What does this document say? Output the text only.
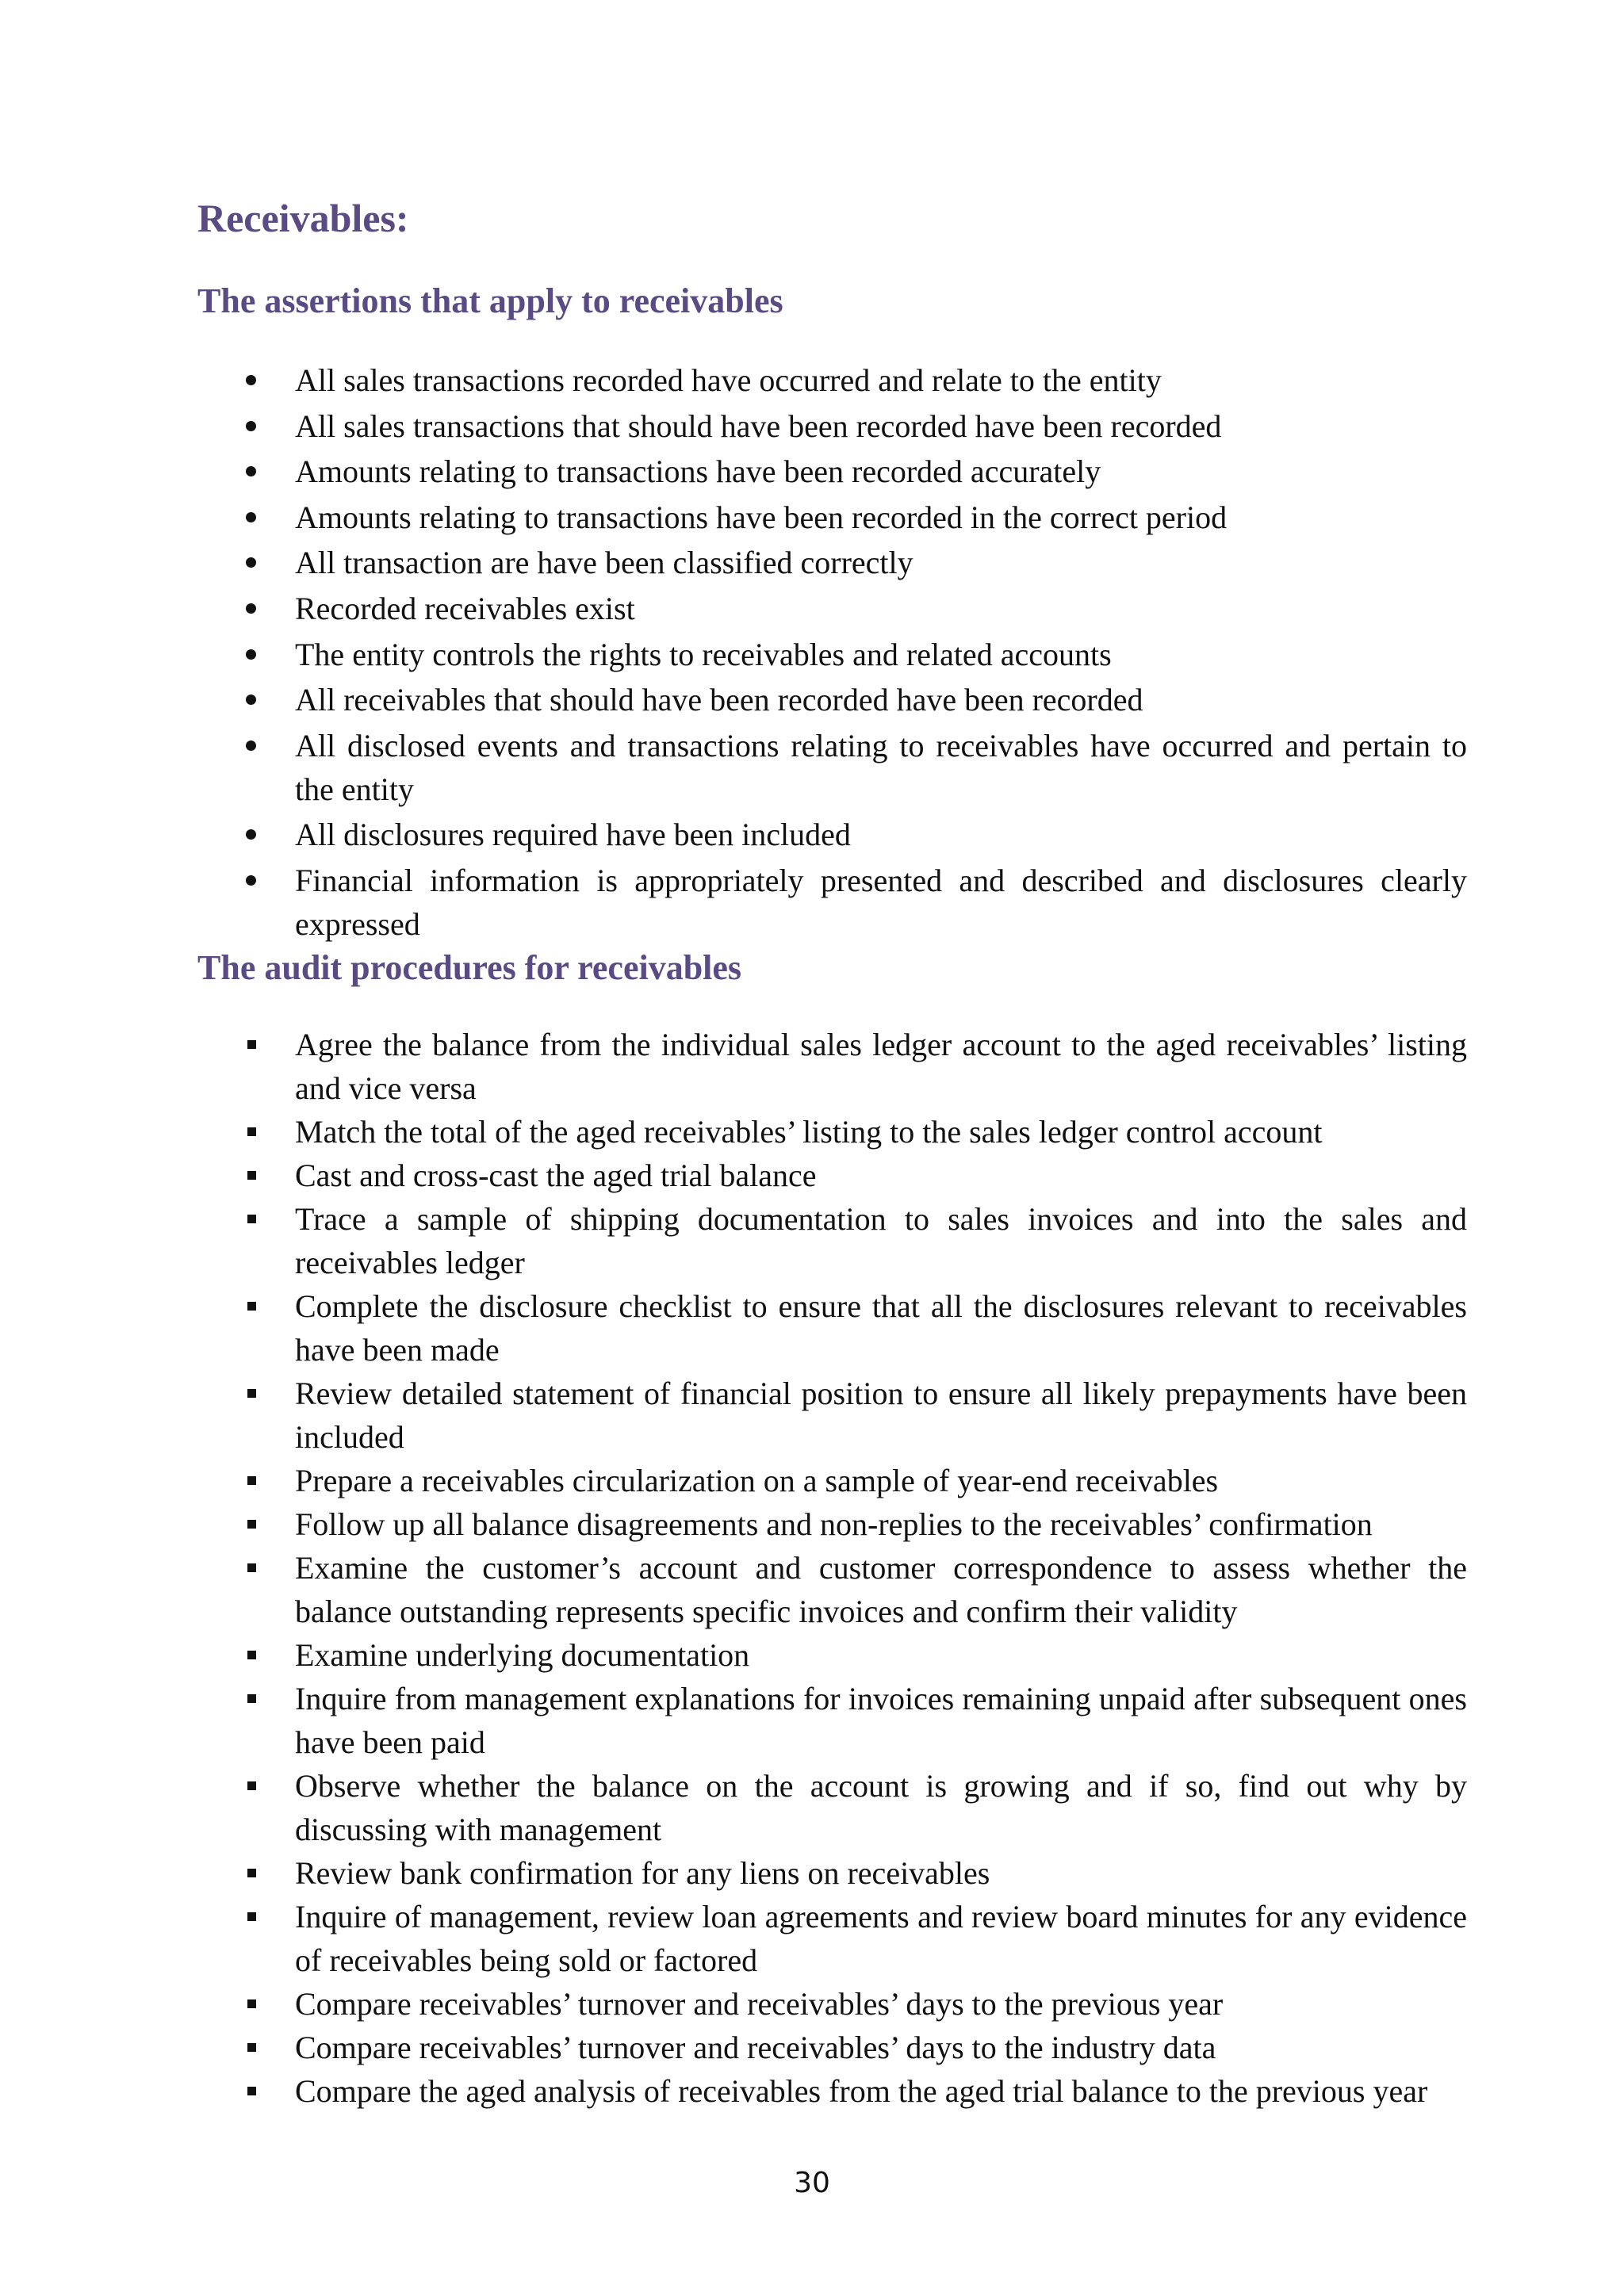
Receivables:
The assertions that apply to receivables
All sales transactions recorded have occurred and relate to the entity
All sales transactions that should have been recorded have been recorded
Amounts relating to transactions have been recorded accurately
Amounts relating to transactions have been recorded in the correct period
All transaction are have been classified correctly
Recorded receivables exist
The entity controls the rights to receivables and related accounts
All receivables that should have been recorded have been recorded
All disclosed events and transactions relating to receivables have occurred and pertain to the entity
All disclosures required have been included
Financial information is appropriately presented and described and disclosures clearly expressed
The audit procedures for receivables
Agree the balance from the individual sales ledger account to the aged receivables’ listing and vice versa
Match the total of the aged receivables’ listing to the sales ledger control account
Cast and cross-cast the aged trial balance
Trace a sample of shipping documentation to sales invoices and into the sales and receivables ledger
Complete the disclosure checklist to ensure that all the disclosures relevant to receivables have been made
Review detailed statement of financial position to ensure all likely prepayments have been included
Prepare a receivables circularization on a sample of year-end receivables
Follow up all balance disagreements and non-replies to the receivables’ confirmation
Examine the customer’s account and customer correspondence to assess whether the balance outstanding represents specific invoices and confirm their validity
Examine underlying documentation
Inquire from management explanations for invoices remaining unpaid after subsequent ones have been paid
Observe whether the balance on the account is growing and if so, find out why by discussing with management
Review bank confirmation for any liens on receivables
Inquire of management, review loan agreements and review board minutes for any evidence of receivables being sold or factored
Compare receivables’ turnover and receivables’ days to the previous year
Compare receivables’ turnover and receivables’ days to the industry data
Compare the aged analysis of receivables from the aged trial balance to the previous year
30
